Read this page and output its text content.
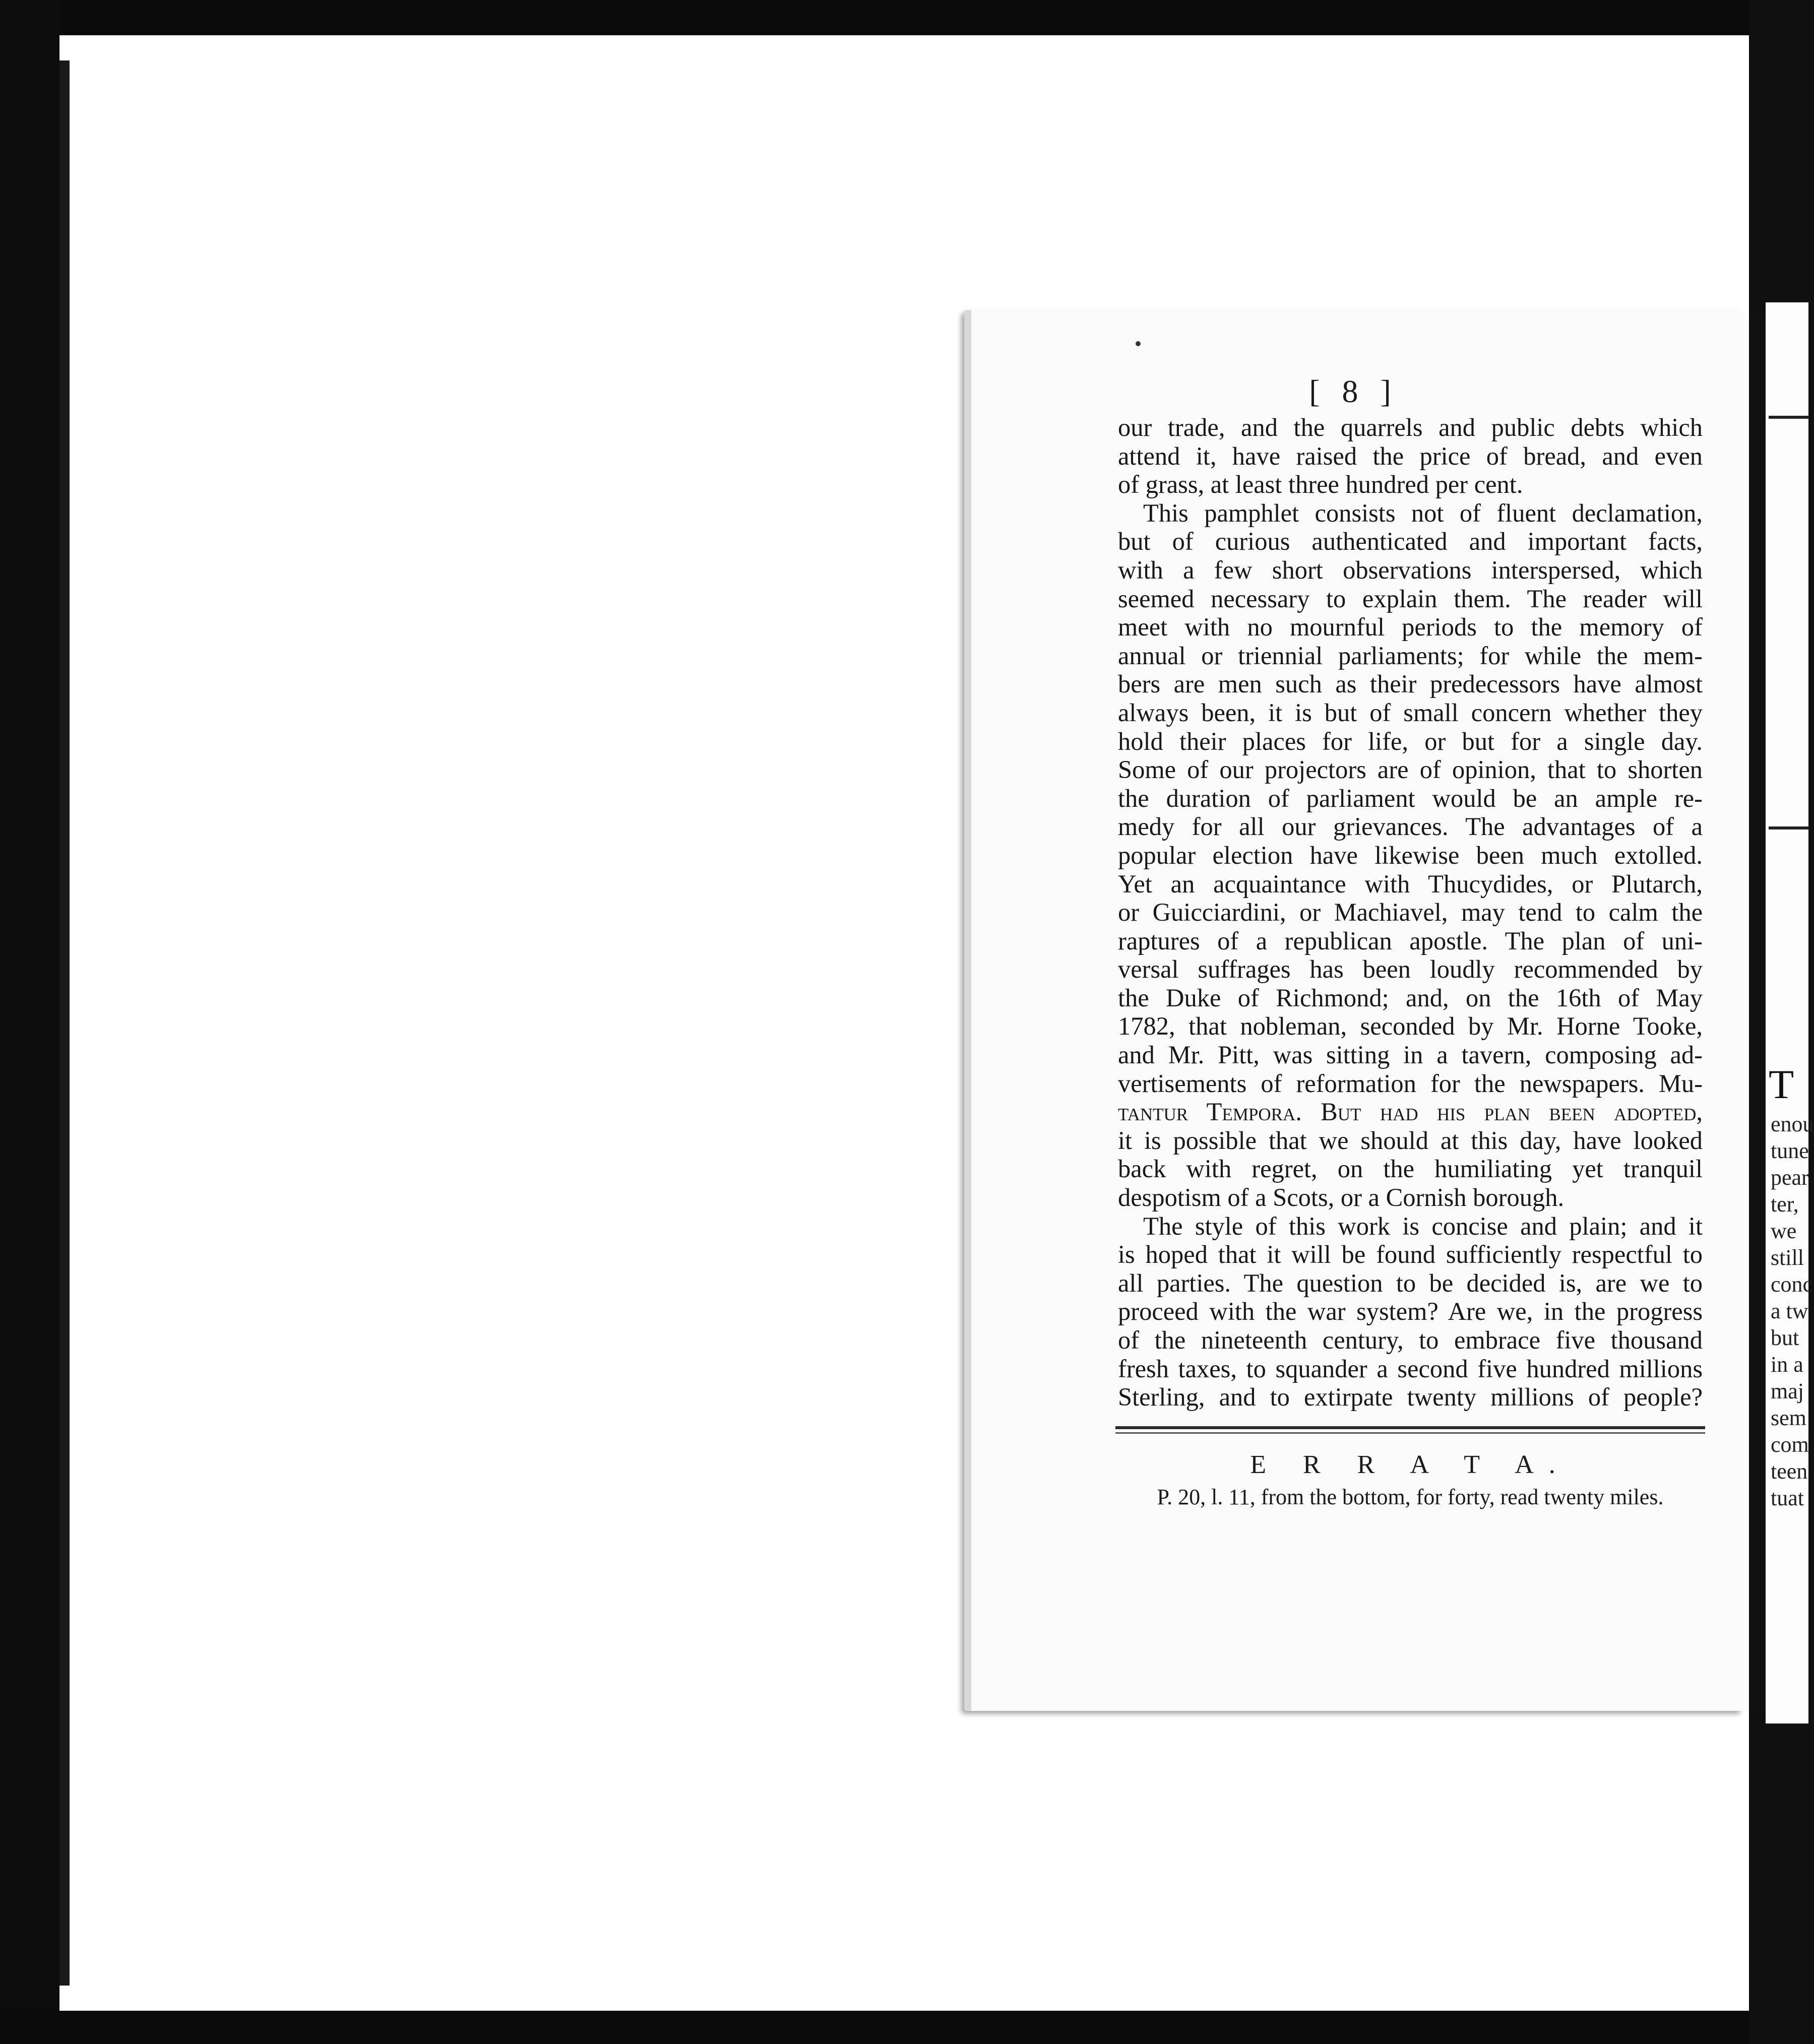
[ 8 ]
our trade, and the quarrels and public debts which
attend it, have raised the price of bread, and even
of grass, at least three hundred per cent.
This pamphlet consists not of fluent declamation,
but of curious authenticated and important facts,
with a few short observations interspersed, which
seemed necessary to explain them. The reader will
meet with no mournful periods to the memory of
annual or triennial parliaments; for while the mem-
bers are men such as their predecessors have almost
always been, it is but of small concern whether they
hold their places for life, or but for a single day.
Some of our projectors are of opinion, that to shorten
the duration of parliament would be an ample re-
medy for all our grievances. The advantages of a
popular election have likewise been much extolled.
Yet an acquaintance with Thucydides, or Plutarch,
or Guicciardini, or Machiavel, may tend to calm the
raptures of a republican apostle. The plan of uni-
versal suffrages has been loudly recommended by
the Duke of Richmond; and, on the 16th of May
1782, that nobleman, seconded by Mr. Horne Tooke,
and Mr. Pitt, was sitting in a tavern, composing ad-
vertisements of reformation for the newspapers. Mu-
tantur Tempora. But had his plan been adopted,
it is possible that we should at this day, have looked
back with regret, on the humiliating yet tranquil
despotism of a Scots, or a Cornish borough.
The style of this work is concise and plain; and it
is hoped that it will be found sufficiently respectful to
all parties. The question to be decided is, are we to
proceed with the war system? Are we, in the progress
of the nineteenth century, to embrace five thousand
fresh taxes, to squander a second five hundred millions
Sterling, and to extirpate twenty millions of people?
E R R A T A.
P. 20, l. 11, from the bottom, for forty, read twenty miles.
T
enou
tune
pear
ter,
we
still
conc
a tw
but
in a
maj
sem
com
teen
tuat
